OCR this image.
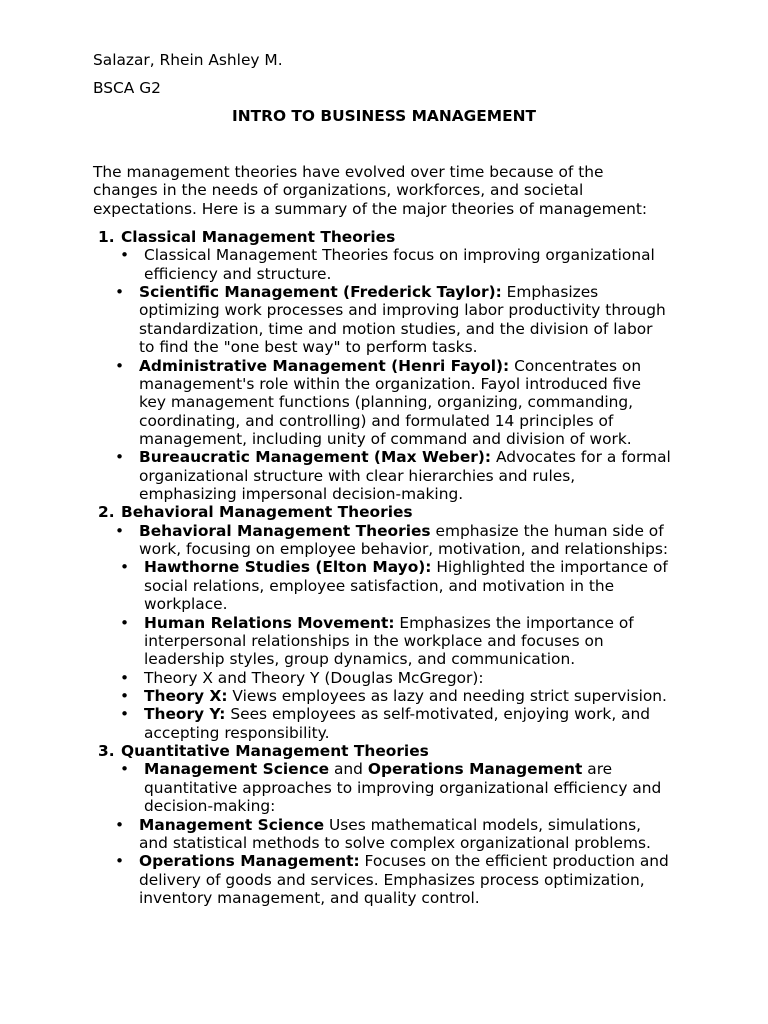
Salazar, Rhein Ashley M.
BSCA G2
INTRO TO BUSINESS MANAGEMENT
The management theories have evolved over time because of the
changes in the needs of organizations, workforces, and societal
expectations. Here is a summary of the major theories of management:
1. Classical Management Theories
• Classical Management Theories focus on improving organizational
efficiency and structure.
• Scientific Management (Frederick Taylor): Emphasizes
optimizing work processes and improving labor productivity through
standardization, time and motion studies, and the division of labor
to find the "one best way" to perform tasks.
• Administrative Management (Henri Fayol): Concentrates on
management's role within the organization. Fayol introduced five
key management functions (planning, organizing, commanding,
coordinating, and controlling) and formulated 14 principles of
management, including unity of command and division of work.
• Bureaucratic Management (Max Weber): Advocates for a formal
organizational structure with clear hierarchies and rules,
emphasizing impersonal decision-making.
2. Behavioral Management Theories
• Behavioral Management Theories emphasize the human side of
work, focusing on employee behavior, motivation, and relationships:
• Hawthorne Studies (Elton Mayo): Highlighted the importance of
social relations, employee satisfaction, and motivation in the
workplace.
• Human Relations Movement: Emphasizes the importance of
interpersonal relationships in the workplace and focuses on
leadership styles, group dynamics, and communication.
• Theory X and Theory Y (Douglas McGregor):
• Theory X: Views employees as lazy and needing strict supervision.
• Theory Y: Sees employees as self-motivated, enjoying work, and
accepting responsibility.
3. Quantitative Management Theories
• Management Science and Operations Management are
quantitative approaches to improving organizational efficiency and
decision-making:
• Management Science Uses mathematical models, simulations,
and statistical methods to solve complex organizational problems.
• Operations Management: Focuses on the efficient production and
delivery of goods and services. Emphasizes process optimization,
inventory management, and quality control.
